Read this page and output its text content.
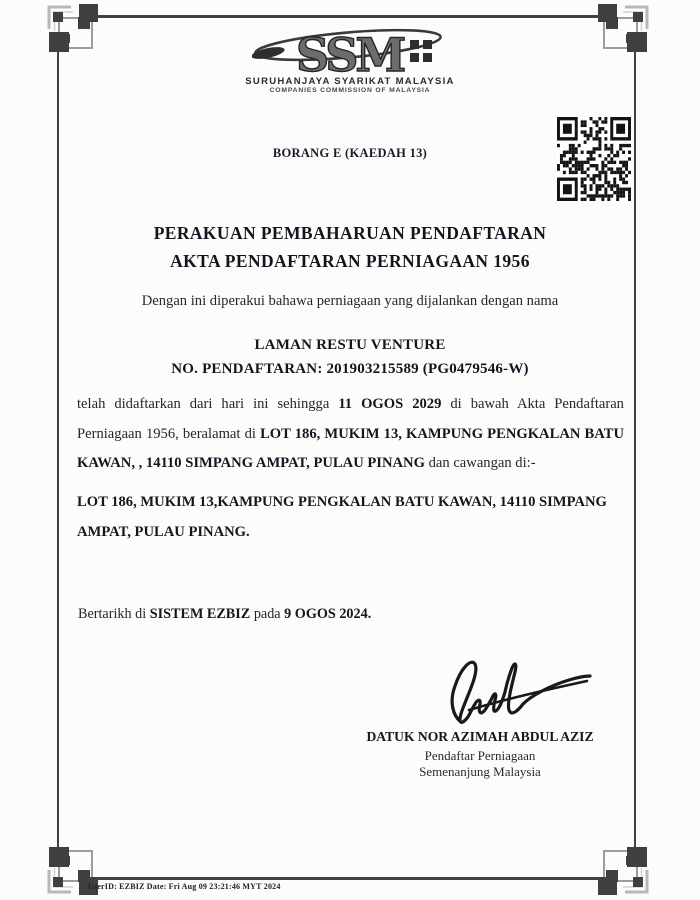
SSM
SURUHANJAYA SYARIKAT MALAYSIA
COMPANIES COMMISSION OF MALAYSIA
BORANG E (KAEDAH 13)
PERAKUAN PEMBAHARUAN PENDAFTARAN
AKTA PENDAFTARAN PERNIAGAAN 1956
Dengan ini diperakui bahawa perniagaan yang dijalankan dengan nama
LAMAN RESTU VENTURE
NO. PENDAFTARAN: 201903215589 (PG0479546-W)
telah didaftarkan dari hari ini sehingga 11 OGOS 2029 di bawah Akta Pendaftaran Perniagaan 1956, beralamat di LOT 186, MUKIM 13, KAMPUNG PENGKALAN BATU KAWAN, , 14110 SIMPANG AMPAT, PULAU PINANG dan cawangan di:-
LOT 186, MUKIM 13,KAMPUNG PENGKALAN BATU KAWAN, 14110 SIMPANG AMPAT, PULAU PINANG.
Bertarikh di SISTEM EZBIZ pada 9 OGOS 2024.
DATUK NOR AZIMAH ABDUL AZIZ
Pendaftar Perniagaan
Semenanjung Malaysia
UserID: EZBIZ Date: Fri Aug 09 23:21:46 MYT 2024
